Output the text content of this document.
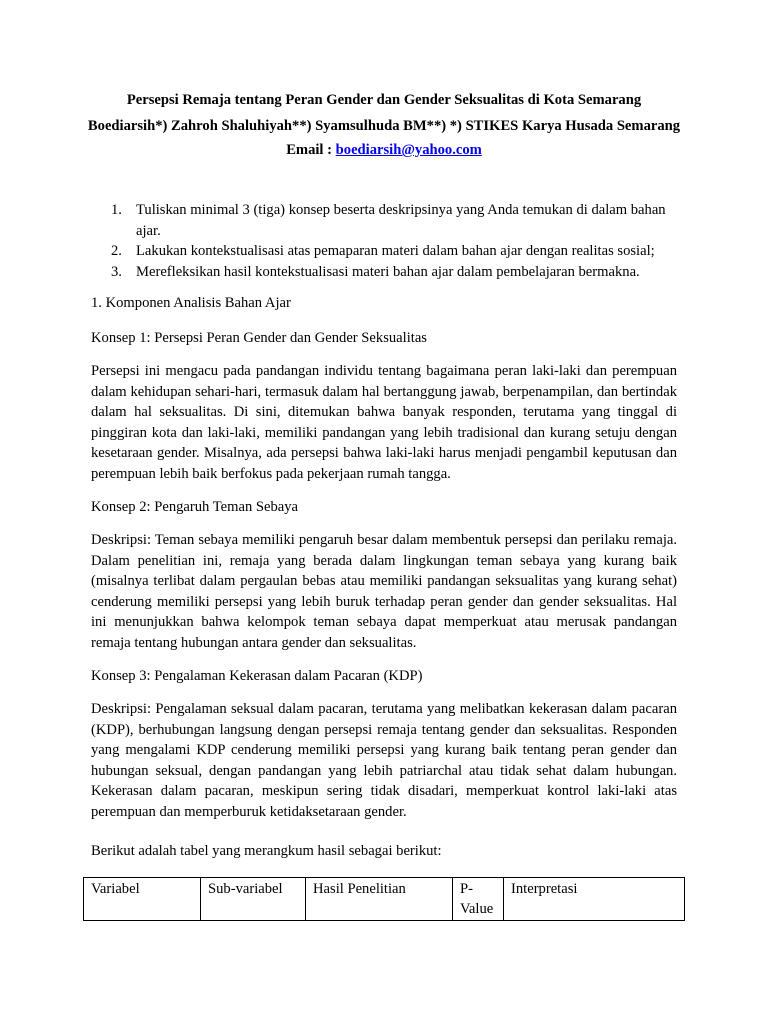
Persepsi Remaja tentang Peran Gender dan Gender Seksualitas di Kota Semarang
Boediarsih*) Zahroh Shaluhiyah**) Syamsulhuda BM**) *) STIKES Karya Husada Semarang
Email : boediarsih@yahoo.com
1. Tuliskan minimal 3 (tiga) konsep beserta deskripsinya yang Anda temukan di dalam bahan ajar.
2. Lakukan kontekstualisasi atas pemaparan materi dalam bahan ajar dengan realitas sosial;
3. Merefleksikan hasil kontekstualisasi materi bahan ajar dalam pembelajaran bermakna.

1. Komponen Analisis Bahan Ajar

Konsep 1: Persepsi Peran Gender dan Gender Seksualitas

Persepsi ini mengacu pada pandangan individu tentang bagaimana peran laki-laki dan perempuan dalam kehidupan sehari-hari, termasuk dalam hal bertanggung jawab, berpenampilan, dan bertindak dalam hal seksualitas. Di sini, ditemukan bahwa banyak responden, terutama yang tinggal di pinggiran kota dan laki-laki, memiliki pandangan yang lebih tradisional dan kurang setuju dengan kesetaraan gender. Misalnya, ada persepsi bahwa laki-laki harus menjadi pengambil keputusan dan perempuan lebih baik berfokus pada pekerjaan rumah tangga.

Konsep 2: Pengaruh Teman Sebaya

Deskripsi: Teman sebaya memiliki pengaruh besar dalam membentuk persepsi dan perilaku remaja. Dalam penelitian ini, remaja yang berada dalam lingkungan teman sebaya yang kurang baik (misalnya terlibat dalam pergaulan bebas atau memiliki pandangan seksualitas yang kurang sehat) cenderung memiliki persepsi yang lebih buruk terhadap peran gender dan gender seksualitas. Hal ini menunjukkan bahwa kelompok teman sebaya dapat memperkuat atau merusak pandangan remaja tentang hubungan antara gender dan seksualitas.

Konsep 3: Pengalaman Kekerasan dalam Pacaran (KDP)

Deskripsi: Pengalaman seksual dalam pacaran, terutama yang melibatkan kekerasan dalam pacaran (KDP), berhubungan langsung dengan persepsi remaja tentang gender dan seksualitas. Responden yang mengalami KDP cenderung memiliki persepsi yang kurang baik tentang peran gender dan hubungan seksual, dengan pandangan yang lebih patriarchal atau tidak sehat dalam hubungan. Kekerasan dalam pacaran, meskipun sering tidak disadari, memperkuat kontrol laki-laki atas perempuan dan memperburuk ketidaksetaraan gender.

Berikut adalah tabel yang merangkum hasil sebagai berikut:

Variabel	Sub-variabel	Hasil Penelitian	P-Value	Interpretasi
